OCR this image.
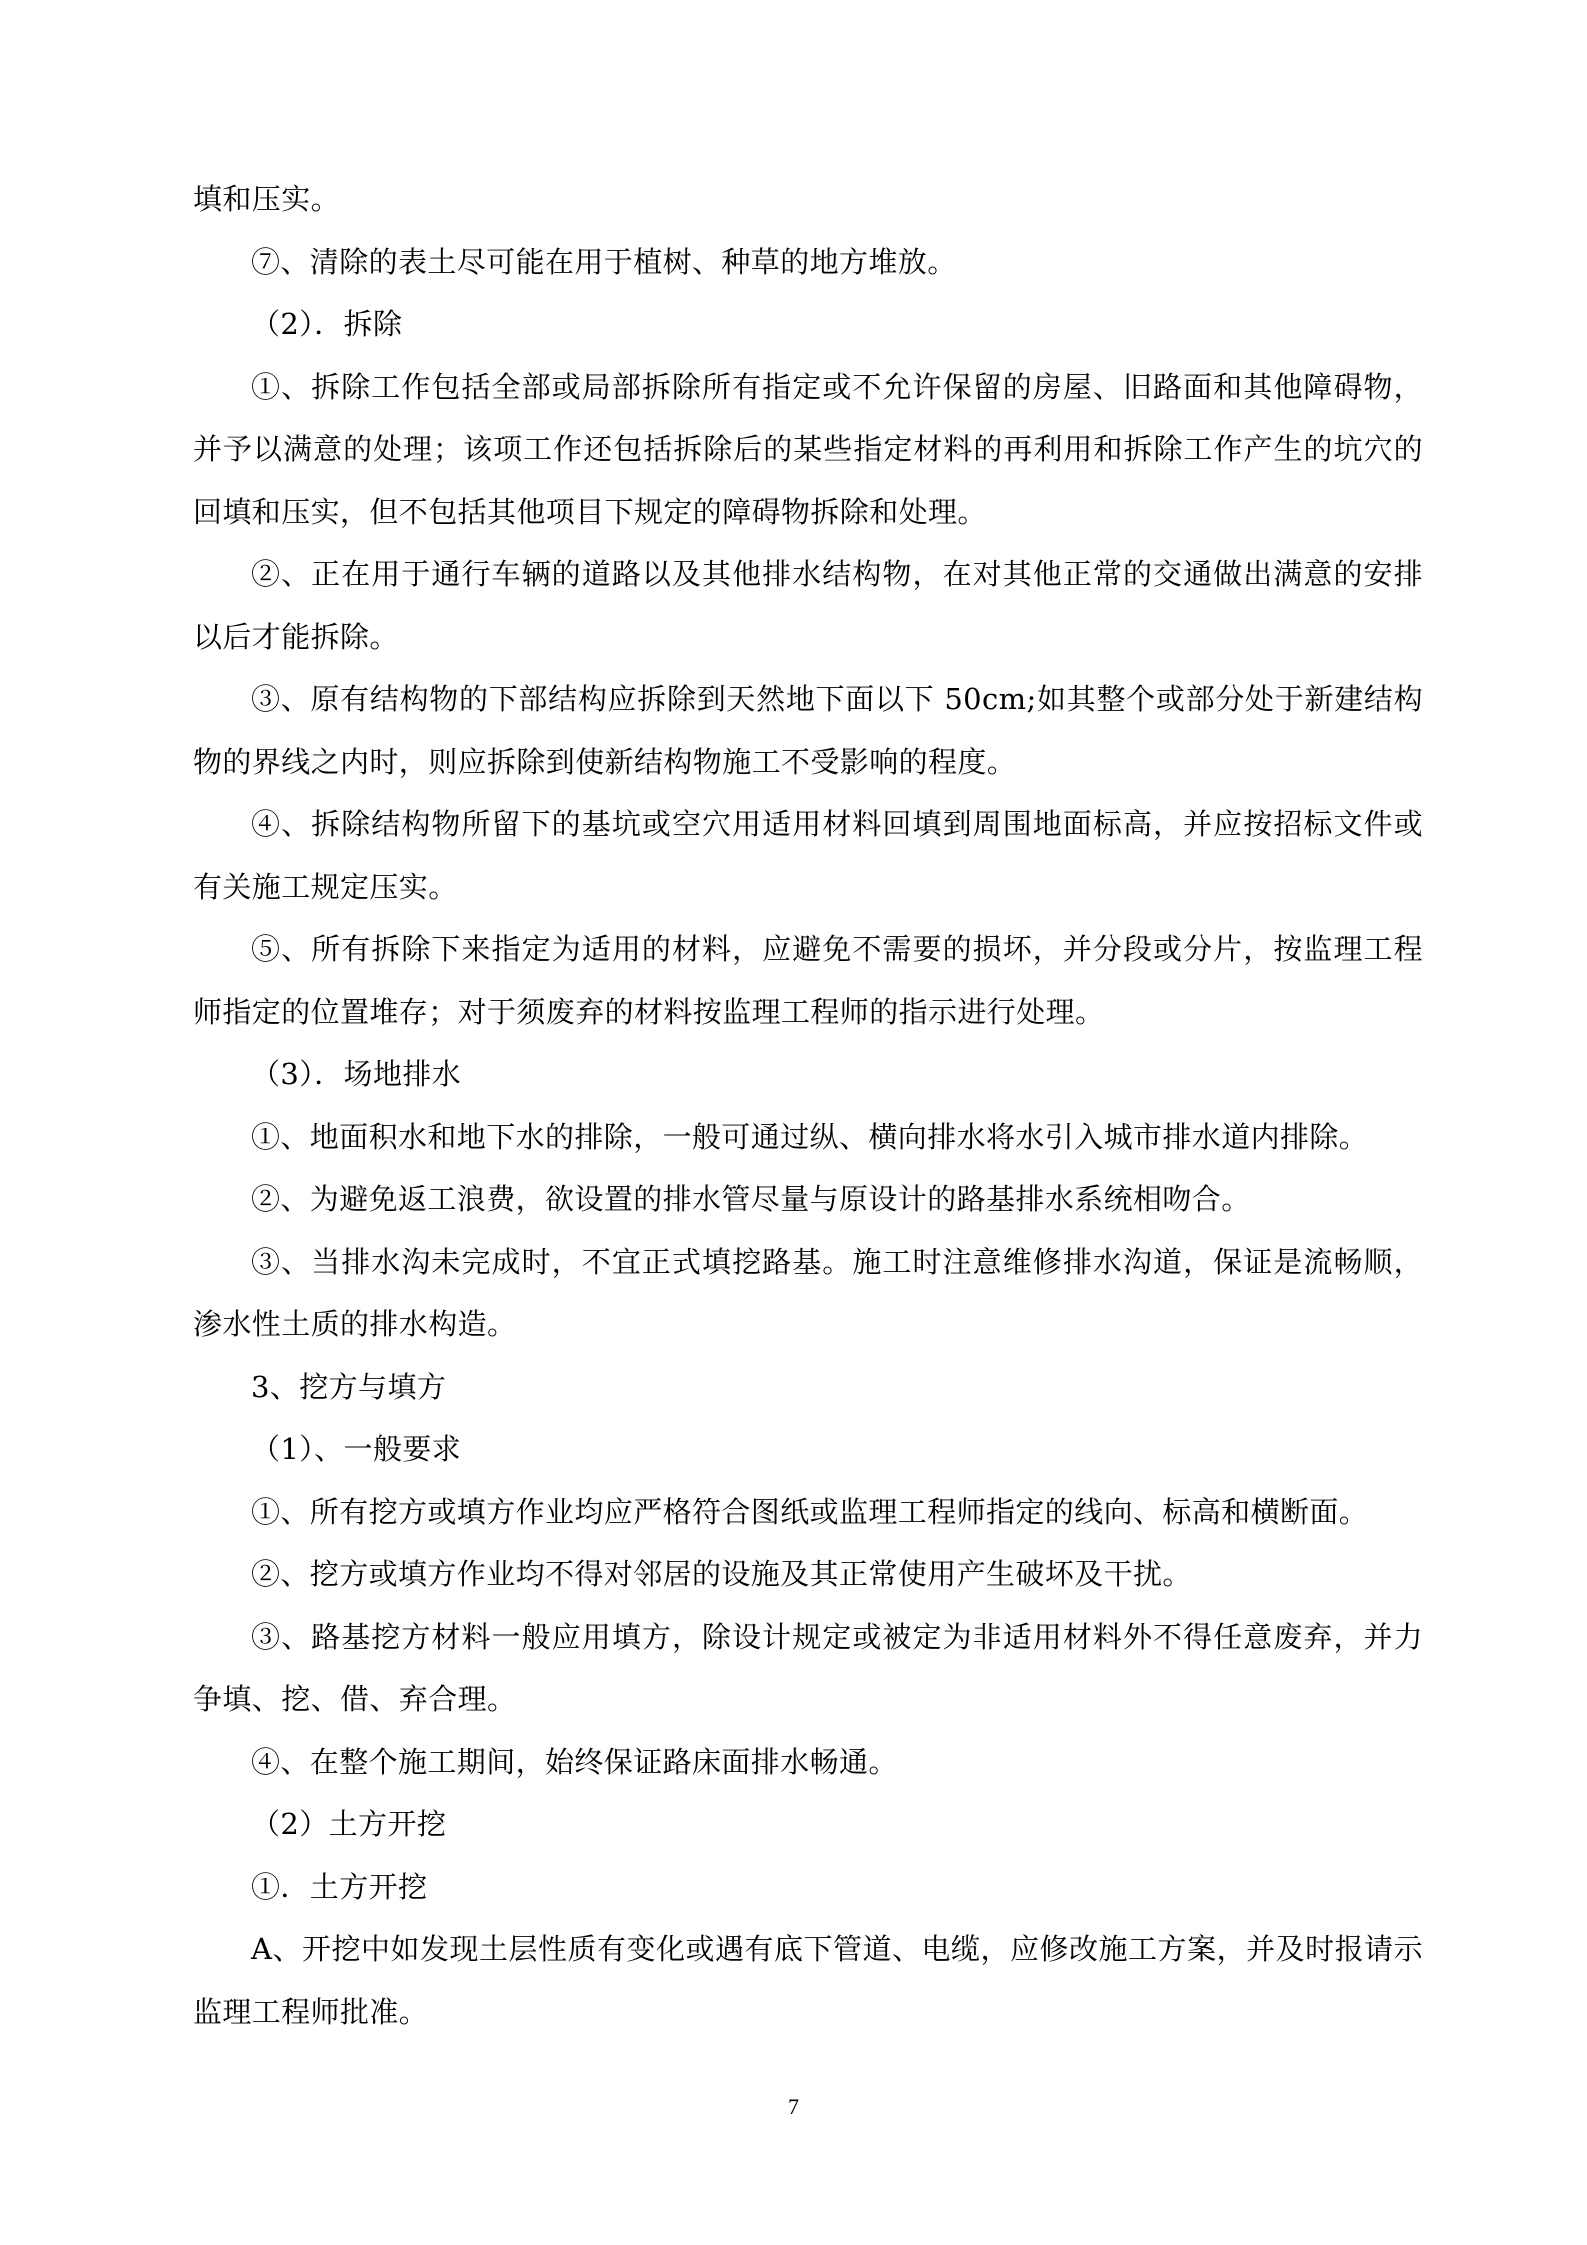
填和压实。

⑦、清除的表土尽可能在用于植树、种草的地方堆放。

（2）．拆除

①、拆除工作包括全部或局部拆除所有指定或不允许保留的房屋、旧路面和其他障碍物，并予以满意的处理；该项工作还包括拆除后的某些指定材料的再利用和拆除工作产生的坑穴的回填和压实，但不包括其他项目下规定的障碍物拆除和处理。

②、正在用于通行车辆的道路以及其他排水结构物，在对其他正常的交通做出满意的安排以后才能拆除。

③、原有结构物的下部结构应拆除到天然地下面以下 50cm;如其整个或部分处于新建结构物的界线之内时，则应拆除到使新结构物施工不受影响的程度。

④、拆除结构物所留下的基坑或空穴用适用材料回填到周围地面标高，并应按招标文件或有关施工规定压实。

⑤、所有拆除下来指定为适用的材料，应避免不需要的损坏，并分段或分片，按监理工程师指定的位置堆存；对于须废弃的材料按监理工程师的指示进行处理。

（3）．场地排水

①、地面积水和地下水的排除，一般可通过纵、横向排水将水引入城市排水道内排除。

②、为避免返工浪费，欲设置的排水管尽量与原设计的路基排水系统相吻合。

③、当排水沟未完成时，不宜正式填挖路基。施工时注意维修排水沟道，保证是流畅顺，渗水性土质的排水构造。

3、挖方与填方

（1）、一般要求

①、所有挖方或填方作业均应严格符合图纸或监理工程师指定的线向、标高和横断面。

②、挖方或填方作业均不得对邻居的设施及其正常使用产生破坏及干扰。

③、路基挖方材料一般应用填方，除设计规定或被定为非适用材料外不得任意废弃，并力争填、挖、借、弃合理。

④、在整个施工期间，始终保证路床面排水畅通。

（2）土方开挖

①．土方开挖

A、开挖中如发现土层性质有变化或遇有底下管道、电缆，应修改施工方案，并及时报请示监理工程师批准。

7
